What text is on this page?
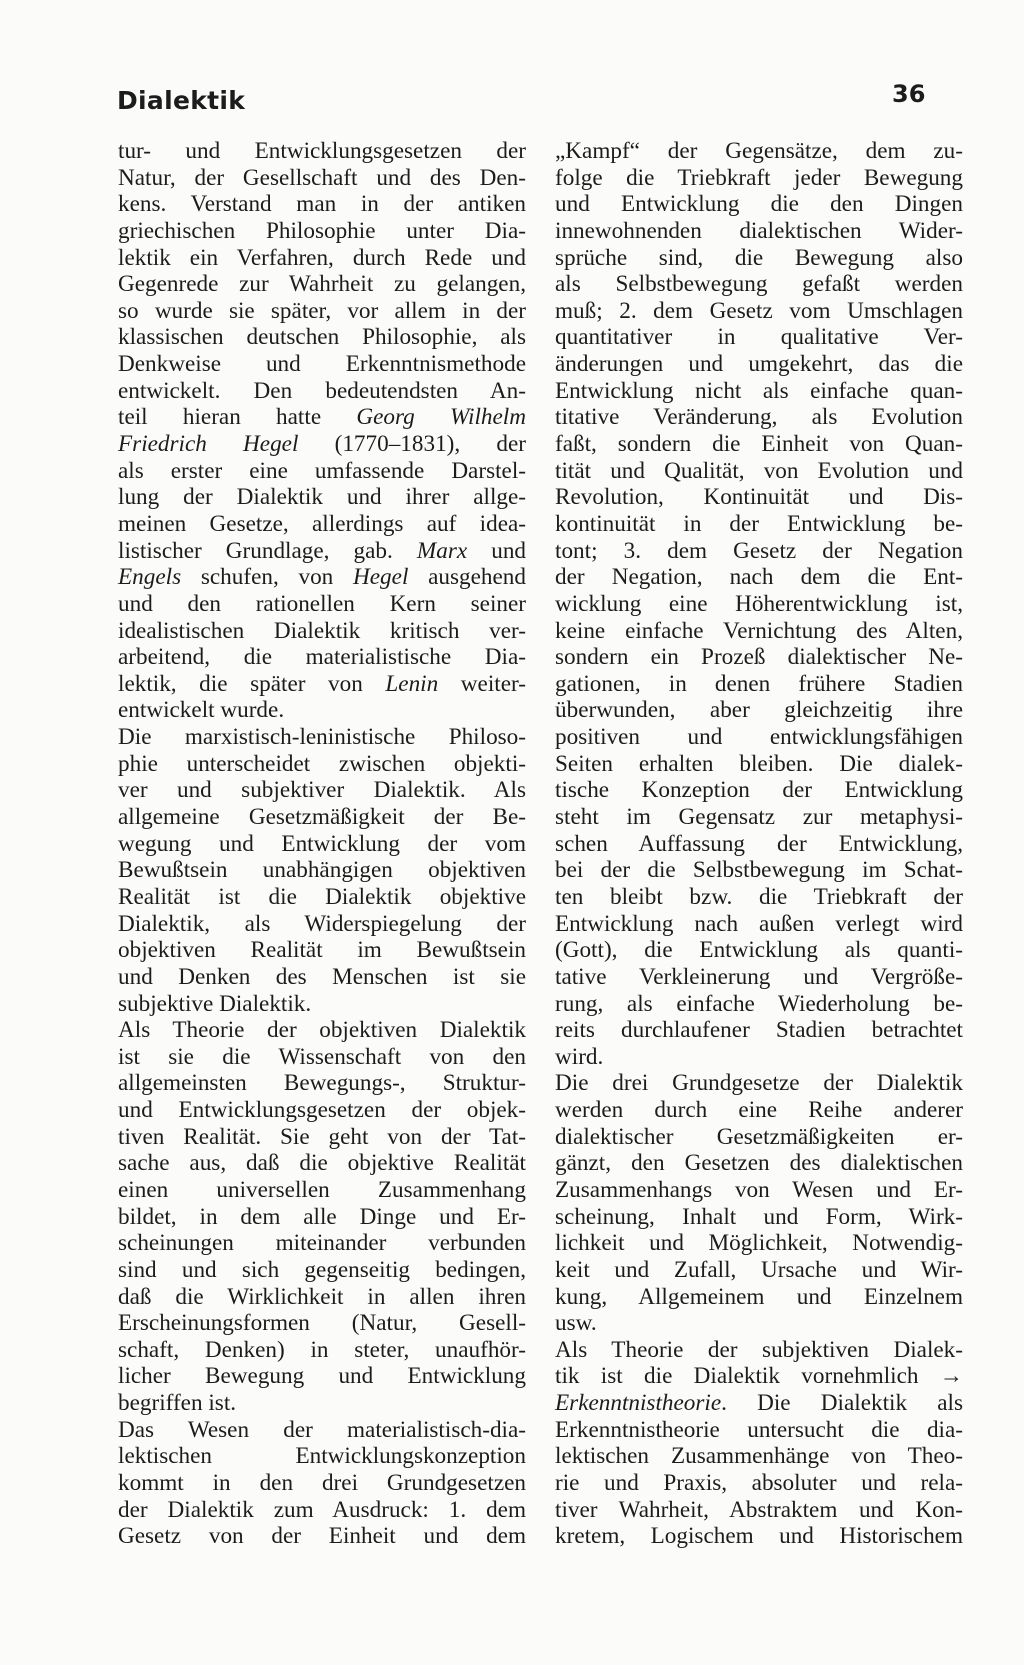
Dialektik	36
tur- und Entwicklungsgesetzen der
Natur, der Gesellschaft und des Den-
kens. Verstand man in der antiken
griechischen Philosophie unter Dia-
lektik ein Verfahren, durch Rede und
Gegenrede zur Wahrheit zu gelangen,
so wurde sie später, vor allem in der
klassischen deutschen Philosophie, als
Denkweise und Erkenntnismethode
entwickelt. Den bedeutendsten An-
teil hieran hatte Georg Wilhelm
Friedrich Hegel (1770–1831), der
als erster eine umfassende Darstel-
lung der Dialektik und ihrer allge-
meinen Gesetze, allerdings auf idea-
listischer Grundlage, gab. Marx und
Engels schufen, von Hegel ausgehend
und den rationellen Kern seiner
idealistischen Dialektik kritisch ver-
arbeitend, die materialistische Dia-
lektik, die später von Lenin weiter-
entwickelt wurde.
Die marxistisch-leninistische Philoso-
phie unterscheidet zwischen objekti-
ver und subjektiver Dialektik. Als
allgemeine Gesetzmäßigkeit der Be-
wegung und Entwicklung der vom
Bewußtsein unabhängigen objektiven
Realität ist die Dialektik objektive
Dialektik, als Widerspiegelung der
objektiven Realität im Bewußtsein
und Denken des Menschen ist sie
subjektive Dialektik.
Als Theorie der objektiven Dialektik
ist sie die Wissenschaft von den
allgemeinsten Bewegungs-, Struktur-
und Entwicklungsgesetzen der objek-
tiven Realität. Sie geht von der Tat-
sache aus, daß die objektive Realität
einen universellen Zusammenhang
bildet, in dem alle Dinge und Er-
scheinungen miteinander verbunden
sind und sich gegenseitig bedingen,
daß die Wirklichkeit in allen ihren
Erscheinungsformen (Natur, Gesell-
schaft, Denken) in steter, unaufhör-
licher Bewegung und Entwicklung
begriffen ist.
Das Wesen der materialistisch-dia-
lektischen Entwicklungskonzeption
kommt in den drei Grundgesetzen
der Dialektik zum Ausdruck: 1. dem
Gesetz von der Einheit und dem
„Kampf“ der Gegensätze, dem zu-
folge die Triebkraft jeder Bewegung
und Entwicklung die den Dingen
innewohnenden dialektischen Wider-
sprüche sind, die Bewegung also
als Selbstbewegung gefaßt werden
muß; 2. dem Gesetz vom Umschlagen
quantitativer in qualitative Ver-
änderungen und umgekehrt, das die
Entwicklung nicht als einfache quan-
titative Veränderung, als Evolution
faßt, sondern die Einheit von Quan-
tität und Qualität, von Evolution und
Revolution, Kontinuität und Dis-
kontinuität in der Entwicklung be-
tont; 3. dem Gesetz der Negation
der Negation, nach dem die Ent-
wicklung eine Höherentwicklung ist,
keine einfache Vernichtung des Alten,
sondern ein Prozeß dialektischer Ne-
gationen, in denen frühere Stadien
überwunden, aber gleichzeitig ihre
positiven und entwicklungsfähigen
Seiten erhalten bleiben. Die dialek-
tische Konzeption der Entwicklung
steht im Gegensatz zur metaphysi-
schen Auffassung der Entwicklung,
bei der die Selbstbewegung im Schat-
ten bleibt bzw. die Triebkraft der
Entwicklung nach außen verlegt wird
(Gott), die Entwicklung als quanti-
tative Verkleinerung und Vergröße-
rung, als einfache Wiederholung be-
reits durchlaufener Stadien betrachtet
wird.
Die drei Grundgesetze der Dialektik
werden durch eine Reihe anderer
dialektischer Gesetzmäßigkeiten er-
gänzt, den Gesetzen des dialektischen
Zusammenhangs von Wesen und Er-
scheinung, Inhalt und Form, Wirk-
lichkeit und Möglichkeit, Notwendig-
keit und Zufall, Ursache und Wir-
kung, Allgemeinem und Einzelnem
usw.
Als Theorie der subjektiven Dialek-
tik ist die Dialektik vornehmlich →
Erkenntnistheorie. Die Dialektik als
Erkenntnistheorie untersucht die dia-
lektischen Zusammenhänge von Theo-
rie und Praxis, absoluter und rela-
tiver Wahrheit, Abstraktem und Kon-
kretem, Logischem und Historischem
